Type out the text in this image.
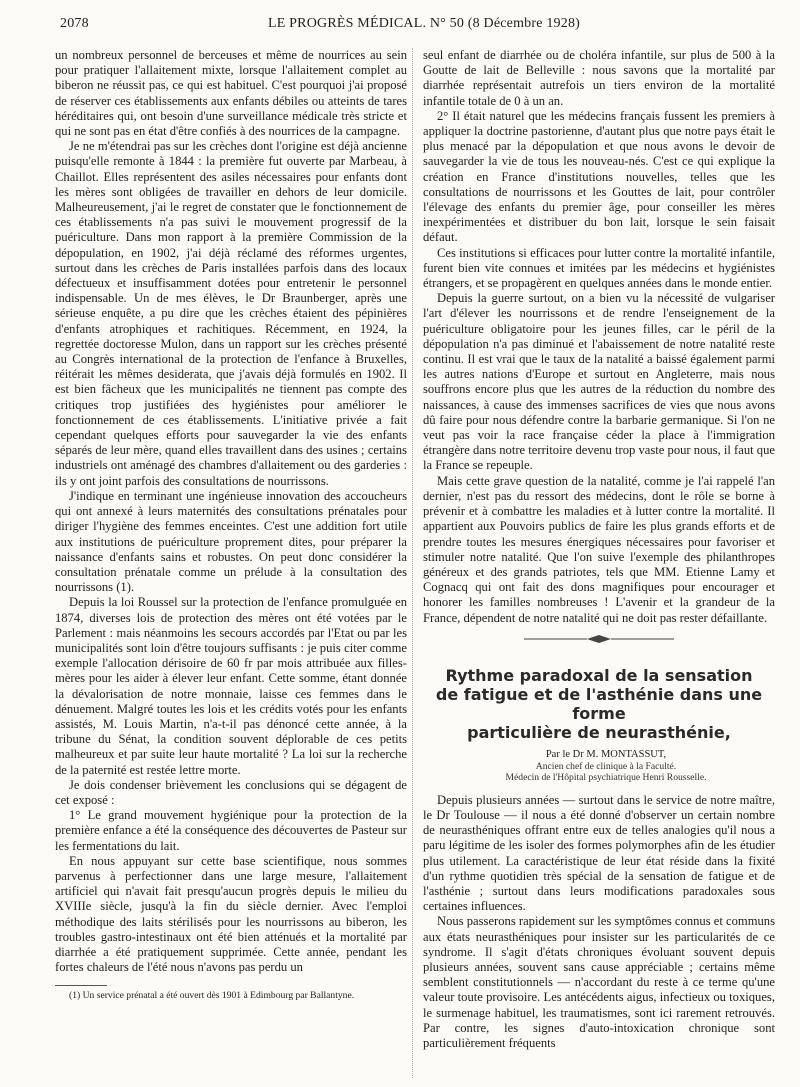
2078	LE PROGRÈS MÉDICAL. N° 50 (8 Décembre 1928)

un nombreux personnel de berceuses et même de nourrices au sein pour pratiquer l'allaitement mixte, lorsque l'allaitement complet au biberon ne réussit pas, ce qui est habituel. C'est pourquoi j'ai proposé de réserver ces établissements aux enfants débiles ou atteints de tares héréditaires qui, ont besoin d'une surveillance médicale très stricte et qui ne sont pas en état d'être confiés à des nourrices de la campagne.

Je ne m'étendrai pas sur les crèches dont l'origine est déjà ancienne puisqu'elle remonte à 1844 : la première fut ouverte par Marbeau, à Chaillot. Elles représentent des asiles nécessaires pour enfants dont les mères sont obligées de travailler en dehors de leur domicile. Malheureusement, j'ai le regret de constater que le fonctionnement de ces établissements n'a pas suivi le mouvement progressif de la puériculture. Dans mon rapport à la première Commission de la dépopulation, en 1902, j'ai déjà réclamé des réformes urgentes, surtout dans les crèches de Paris installées parfois dans des locaux défectueux et insuffisamment dotées pour entretenir le personnel indispensable. Un de mes élèves, le Dr Braunberger, après une sérieuse enquête, a pu dire que les crèches étaient des pépinières d'enfants atrophiques et rachitiques. Récemment, en 1924, la regrettée doctoresse Mulon, dans un rapport sur les crèches présenté au Congrès international de la protection de l'enfance à Bruxelles, réitérait les mêmes desiderata, que j'avais déjà formulés en 1902. Il est bien fâcheux que les municipalités ne tiennent pas compte des critiques trop justifiées des hygiénistes pour améliorer le fonctionnement de ces établissements. L'initiative privée a fait cependant quelques efforts pour sauvegarder la vie des enfants séparés de leur mère, quand elles travaillent dans des usines ; certains industriels ont aménagé des chambres d'allaitement ou des garderies : ils y ont joint parfois des consultations de nourrissons.

J'indique en terminant une ingénieuse innovation des accoucheurs qui ont annexé à leurs maternités des consultations prénatales pour diriger l'hygiène des femmes enceintes. C'est une addition fort utile aux institutions de puériculture proprement dites, pour préparer la naissance d'enfants sains et robustes. On peut donc considérer la consultation prénatale comme un prélude à la consultation des nourrissons (1).

Depuis la loi Roussel sur la protection de l'enfance promulguée en 1874, diverses lois de protection des mères ont été votées par le Parlement : mais néanmoins les secours accordés par l'Etat ou par les municipalités sont loin d'être toujours suffisants : je puis citer comme exemple l'allocation dérisoire de 60 fr par mois attribuée aux filles-mères pour les aider à élever leur enfant. Cette somme, étant donnée la dévalorisation de notre monnaie, laisse ces femmes dans le dénuement. Malgré toutes les lois et les crédits votés pour les enfants assistés, M. Louis Martin, n'a-t-il pas dénoncé cette année, à la tribune du Sénat, la condition souvent déplorable de ces petits malheureux et par suite leur haute mortalité ? La loi sur la recherche de la paternité est restée lettre morte.

Je dois condenser brièvement les conclusions qui se dégagent de cet exposé :

1° Le grand mouvement hygiénique pour la protection de la première enfance a été la conséquence des découvertes de Pasteur sur les fermentations du lait.

En nous appuyant sur cette base scientifique, nous sommes parvenus à perfectionner dans une large mesure, l'allaitement artificiel qui n'avait fait presqu'aucun progrès depuis le milieu du XVIIIe siècle, jusqu'à la fin du siècle dernier. Avec l'emploi méthodique des laits stérilisés pour les nourrissons au biberon, les troubles gastro-intestinaux ont été bien atténués et la mortalité par diarrhée a été pratiquement supprimée. Cette année, pendant les fortes chaleurs de l'été nous n'avons pas perdu un

(1) Un service prénatal a été ouvert dès 1901 à Edimbourg par Ballantyne.

seul enfant de diarrhée ou de choléra infantile, sur plus de 500 à la Goutte de lait de Belleville : nous savons que la mortalité par diarrhée représentait autrefois un tiers environ de la mortalité infantile totale de 0 à un an.

2° Il était naturel que les médecins français fussent les premiers à appliquer la doctrine pastorienne, d'autant plus que notre pays était le plus menacé par la dépopulation et que nous avons le devoir de sauvegarder la vie de tous les nouveau-nés. C'est ce qui explique la création en France d'institutions nouvelles, telles que les consultations de nourrissons et les Gouttes de lait, pour contrôler l'élevage des enfants du premier âge, pour conseiller les mères inexpérimentées et distribuer du bon lait, lorsque le sein faisait défaut.

Ces institutions si efficaces pour lutter contre la mortalité infantile, furent bien vite connues et imitées par les médecins et hygiénistes étrangers, et se propagèrent en quelques années dans le monde entier.

Depuis la guerre surtout, on a bien vu la nécessité de vulgariser l'art d'élever les nourrissons et de rendre l'enseignement de la puériculture obligatoire pour les jeunes filles, car le péril de la dépopulation n'a pas diminué et l'abaissement de notre natalité reste continu. Il est vrai que le taux de la natalité a baissé également parmi les autres nations d'Europe et surtout en Angleterre, mais nous souffrons encore plus que les autres de la réduction du nombre des naissances, à cause des immenses sacrifices de vies que nous avons dû faire pour nous défendre contre la barbarie germanique. Si l'on ne veut pas voir la race française céder la place à l'immigration étrangère dans notre territoire devenu trop vaste pour nous, il faut que la France se repeuple.

Mais cette grave question de la natalité, comme je l'ai rappelé l'an dernier, n'est pas du ressort des médecins, dont le rôle se borne à prévenir et à combattre les maladies et à lutter contre la mortalité. Il appartient aux Pouvoirs publics de faire les plus grands efforts et de prendre toutes les mesures énergiques nécessaires pour favoriser et stimuler notre natalité. Que l'on suive l'exemple des philanthropes généreux et des grands patriotes, tels que MM. Etienne Lamy et Cognacq qui ont fait des dons magnifiques pour encourager et honorer les familles nombreuses ! L'avenir et la grandeur de la France, dépendent de notre natalité qui ne doit pas rester défaillante.

Rythme paradoxal de la sensation
de fatigue et de l'asthénie dans une forme
particulière de neurasthénie,

Par le Dr M. MONTASSUT,

Ancien chef de clinique à la Faculté.

Médecin de l'Hôpital psychiatrique Henri Rousselle.

Depuis plusieurs années — surtout dans le service de notre maître, le Dr Toulouse — il nous a été donné d'observer un certain nombre de neurasthéniques offrant entre eux de telles analogies qu'il nous a paru légitime de les isoler des formes polymorphes afin de les étudier plus utilement. La caractéristique de leur état réside dans la fixité d'un rythme quotidien très spécial de la sensation de fatigue et de l'asthénie ; surtout dans leurs modifications paradoxales sous certaines influences.

Nous passerons rapidement sur les symptômes connus et communs aux états neurasthéniques pour insister sur les particularités de ce syndrome. Il s'agit d'états chroniques évoluant souvent depuis plusieurs années, souvent sans cause appréciable ; certains même semblent constitutionnels — n'accordant du reste à ce terme qu'une valeur toute provisoire. Les antécédents aigus, infectieux ou toxiques, le surmenage habituel, les traumatismes, sont ici rarement retrouvés. Par contre, les signes d'auto-intoxication chronique sont particulièrement fréquents
